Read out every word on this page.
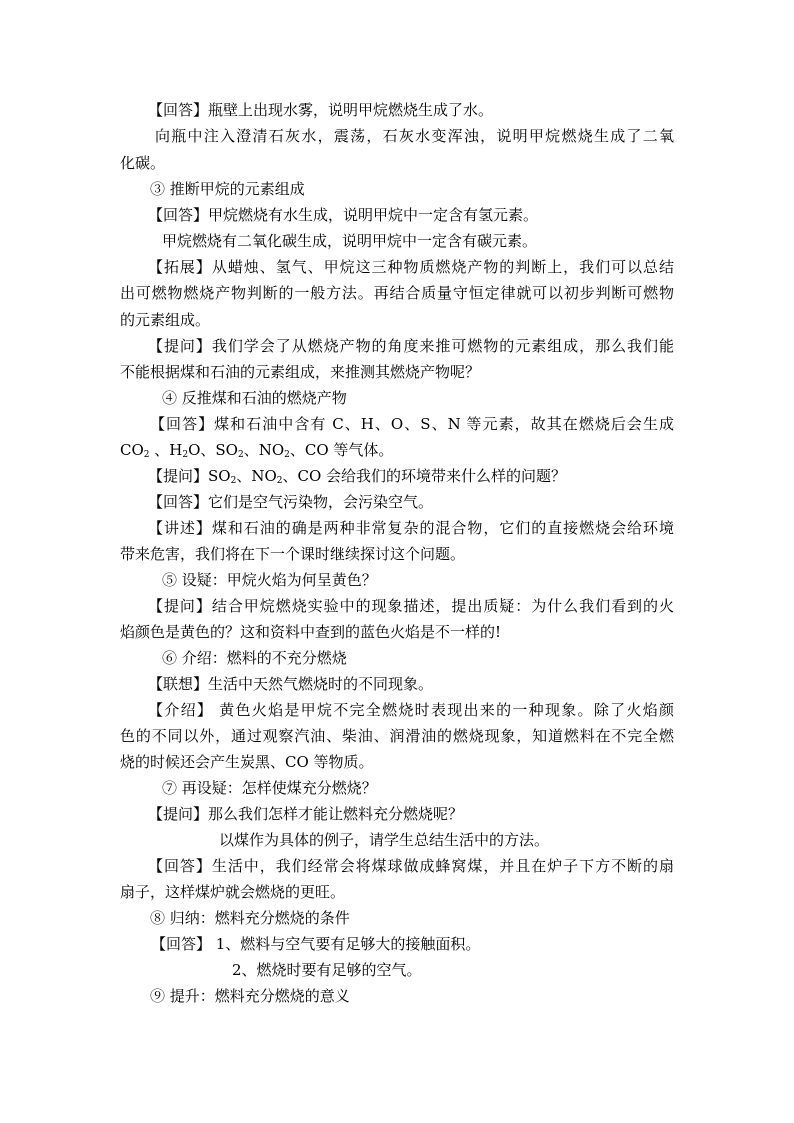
【回答】瓶壁上出现水雾，说明甲烷燃烧生成了水。
向瓶中注入澄清石灰水，震荡，石灰水变浑浊，说明甲烷燃烧生成了二氧
化碳。
③ 推断甲烷的元素组成
【回答】甲烷燃烧有水生成，说明甲烷中一定含有氢元素。
甲烷燃烧有二氧化碳生成，说明甲烷中一定含有碳元素。
【拓展】从蜡烛、氢气、甲烷这三种物质燃烧产物的判断上，我们可以总结
出可燃物燃烧产物判断的一般方法。再结合质量守恒定律就可以初步判断可燃物
的元素组成。
【提问】我们学会了从燃烧产物的角度来推可燃物的元素组成，那么我们能
不能根据煤和石油的元素组成，来推测其燃烧产物呢？
④ 反推煤和石油的燃烧产物
【回答】煤和石油中含有 C、H、O、S、N 等元素，故其在燃烧后会生成
$CO_2$ 、$H_2O$、$SO_2$、$NO_2$、CO 等气体。
【提问】$SO_2$、$NO_2$、CO 会给我们的环境带来什么样的问题？
【回答】它们是空气污染物，会污染空气。
【讲述】煤和石油的确是两种非常复杂的混合物，它们的直接燃烧会给环境
带来危害，我们将在下一个课时继续探讨这个问题。
⑤ 设疑：甲烷火焰为何呈黄色？
【提问】结合甲烷燃烧实验中的现象描述，提出质疑：为什么我们看到的火
焰颜色是黄色的？这和资料中查到的蓝色火焰是不一样的!
⑥ 介绍：燃料的不充分燃烧
【联想】生活中天然气燃烧时的不同现象。
【介绍】 黄色火焰是甲烷不完全燃烧时表现出来的一种现象。除了火焰颜
色的不同以外，通过观察汽油、柴油、润滑油的燃烧现象，知道燃料在不完全燃
烧的时候还会产生炭黑、CO 等物质。
⑦ 再设疑：怎样使煤充分燃烧？
【提问】那么我们怎样才能让燃料充分燃烧呢？
以煤作为具体的例子，请学生总结生活中的方法。
【回答】生活中，我们经常会将煤球做成蜂窝煤，并且在炉子下方不断的扇
扇子，这样煤炉就会燃烧的更旺。
⑧ 归纳：燃料充分燃烧的条件
【回答】 1、燃料与空气要有足够大的接触面积。
2、燃烧时要有足够的空气。
⑨ 提升：燃料充分燃烧的意义
